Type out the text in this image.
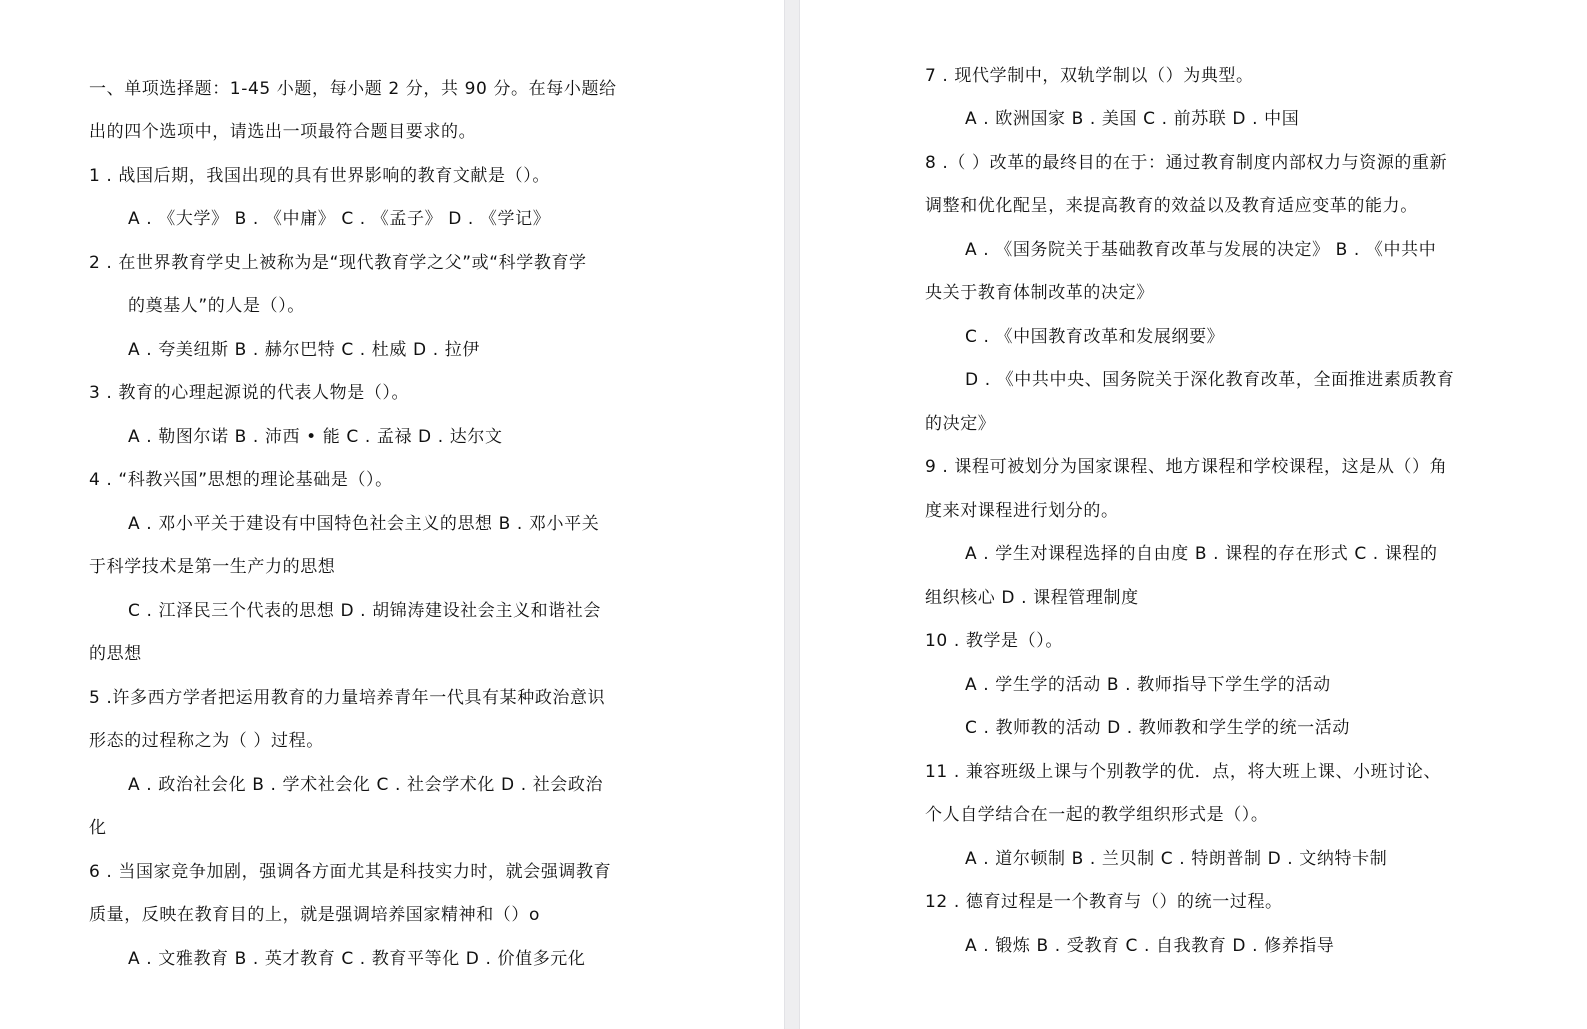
一、单项选择题：1-45 小题，每小题 2 分，共 90 分。在每小题给
出的四个选项中，请选出一项最符合题目要求的。
1 . 战国后期，我国出现的具有世界影响的教育文献是（）。
A . 《大学》 B . 《中庸》 C . 《孟子》 D . 《学记》
2 . 在世界教育学史上被称为是“现代教育学之父”或“科学教育学
的奠基人”的人是（）。
A . 夸美纽斯 B . 赫尔巴特 C . 杜威 D . 拉伊
3 . 教育的心理起源说的代表人物是（）。
A . 勒图尔诺 B . 沛西 • 能 C . 孟禄 D . 达尔文
4 . “科教兴国”思想的理论基础是（）。
A . 邓小平关于建设有中国特色社会主义的思想 B . 邓小平关
于科学技术是第一生产力的思想
C . 江泽民三个代表的思想 D . 胡锦涛建设社会主义和谐社会
的思想
5 .许多西方学者把运用教育的力量培养青年一代具有某种政治意识
形态的过程称之为（ ）过程。
A . 政治社会化 B . 学术社会化 C . 社会学术化 D . 社会政治
化
6 . 当国家竞争加剧，强调各方面尤其是科技实力时，就会强调教育
质量，反映在教育目的上，就是强调培养国家精神和（）o
A . 文雅教育 B . 英才教育 C . 教育平等化 D . 价值多元化
7 . 现代学制中，双轨学制以（）为典型。
A . 欧洲国家 B . 美国 C . 前苏联 D . 中国
8 .（ ）改革的最终目的在于：通过教育制度内部权力与资源的重新
调整和优化配呈，来提高教育的效益以及教育适应变革的能力。
A . 《国务院关于基础教育改革与发展的决定》 B . 《中共中
央关于教育体制改革的决定》
C . 《中国教育改革和发展纲要》
D . 《中共中央、国务院关于深化教育改革，全面推进素质教育
的决定》
9 . 课程可被划分为国家课程、地方课程和学校课程，这是从（）角
度来对课程进行划分的。
A . 学生对课程选择的自由度 B . 课程的存在形式 C . 课程的
组织核心 D . 课程管理制度
10 . 教学是（）。
A . 学生学的活动 B . 教师指导下学生学的活动
C . 教师教的活动 D . 教师教和学生学的统一活动
11 . 兼容班级上课与个别教学的优．点，将大班上课、小班讨论、
个人自学结合在一起的教学组织形式是（）。
A . 道尔顿制 B . 兰贝制 C . 特朗普制 D . 文纳特卡制
12 . 德育过程是一个教育与（）的统一过程。
A . 锻炼 B . 受教育 C . 自我教育 D . 修养指导
